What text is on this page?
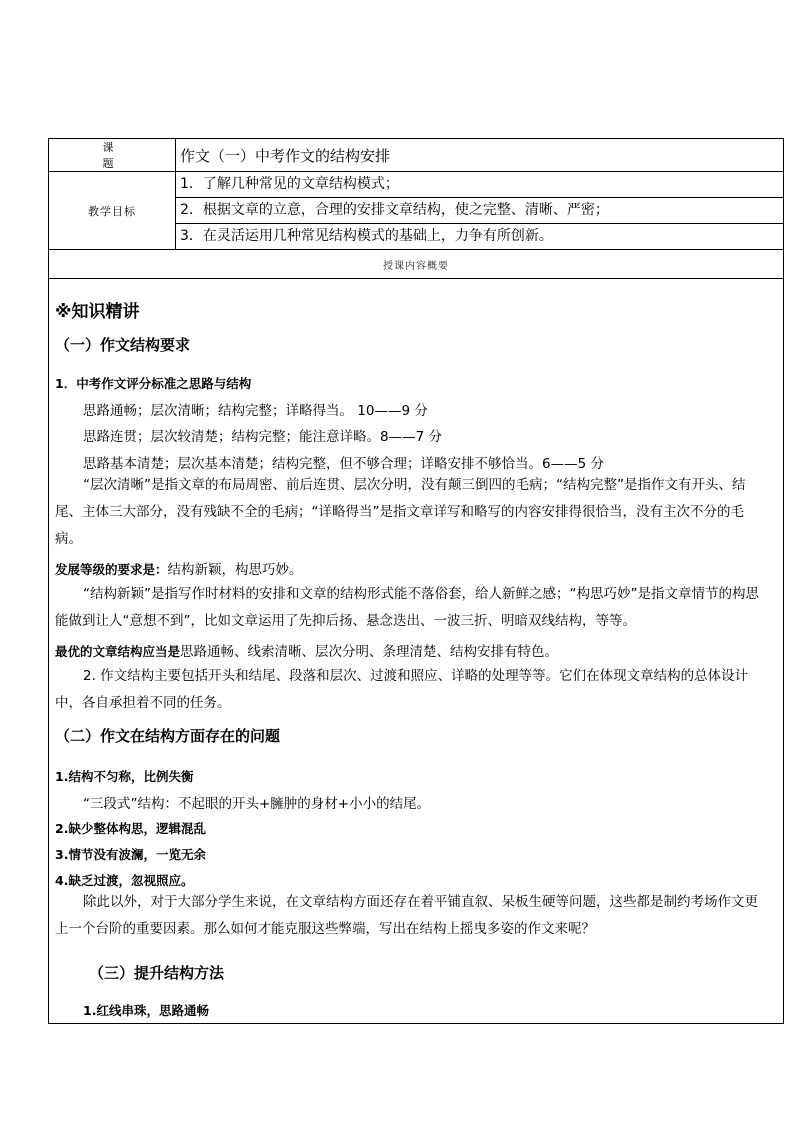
课题	作文（一）中考作文的结构安排
教学目标	1．了解几种常见的文章结构模式；
2．根据文章的立意，合理的安排文章结构，使之完整、清晰、严密；
3．在灵活运用几种常见结构模式的基础上，力争有所创新。

授课内容概要	
※知识精讲
（一）作文结构要求
1．中考作文评分标准之思路与结构
思路通畅；层次清晰；结构完整；详略得当。 10——9 分
思路连贯；层次较清楚；结构完整；能注意详略。8——7 分
思路基本清楚；层次基本清楚；结构完整，但不够合理；详略安排不够恰当。6——5 分
“层次清晰”是指文章的布局周密、前后连贯、层次分明，没有颠三倒四的毛病；“结构完整”是指作文有开头、结尾、主体三大部分，没有残缺不全的毛病；“详略得当”是指文章详写和略写的内容安排得很恰当，没有主次不分的毛病。
发展等级的要求是：结构新颖，构思巧妙。
“结构新颖”是指写作时材料的安排和文章的结构形式能不落俗套，给人新鲜之感；“构思巧妙”是指文章情节的构思能做到让人“意想不到”，比如文章运用了先抑后扬、悬念迭出、一波三折、明暗双线结构，等等。
最优的文章结构应当是思路通畅、线索清晰、层次分明、条理清楚、结构安排有特色。
2. 作文结构主要包括开头和结尾、段落和层次、过渡和照应、详略的处理等等。它们在体现文章结构的总体设计中，各自承担着不同的任务。
（二）作文在结构方面存在的问题
1.结构不匀称，比例失衡
“三段式”结构：不起眼的开头+臃肿的身材+小小的结尾。
2.缺少整体构思，逻辑混乱
3.情节没有波澜，一览无余
4.缺乏过渡，忽视照应。
除此以外，对于大部分学生来说，在文章结构方面还存在着平铺直叙、呆板生硬等问题，这些都是制约考场作文更上一个台阶的重要因素。那么如何才能克服这些弊端，写出在结构上摇曳多姿的作文来呢？
（三）提升结构方法
1.红线串珠，思路通畅
